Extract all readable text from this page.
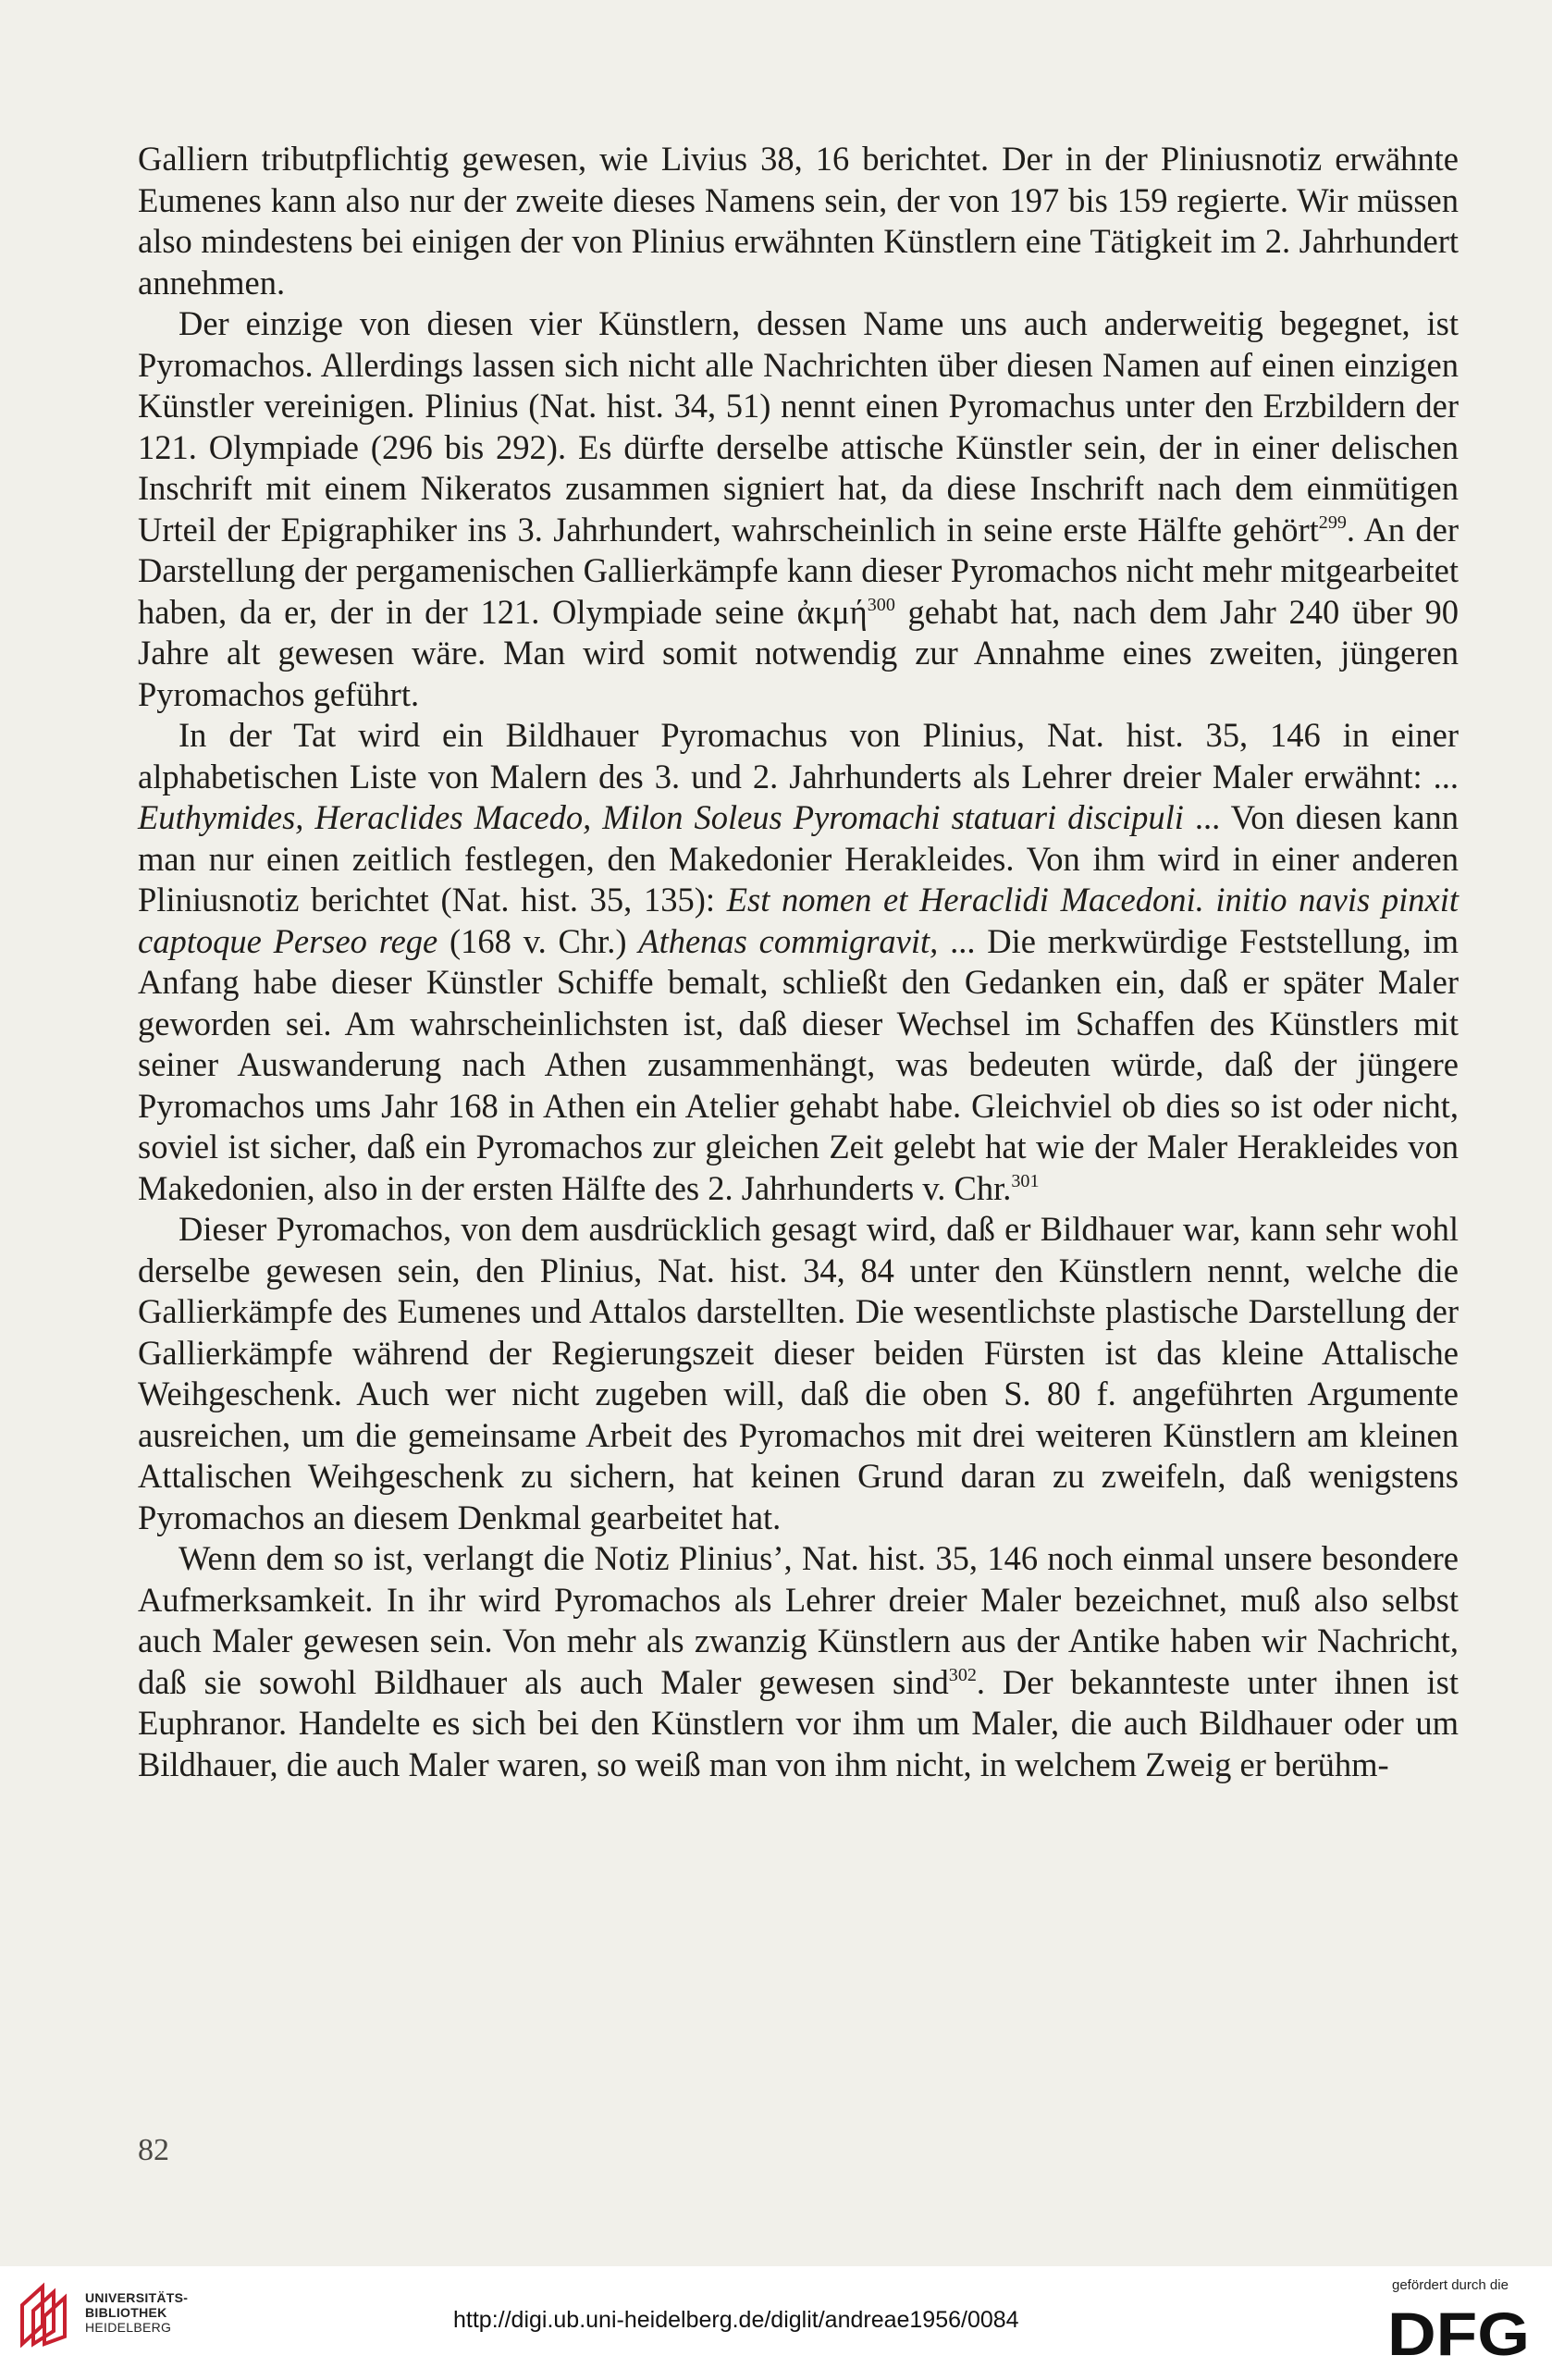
Galliern tributpflichtig gewesen, wie Livius 38, 16 berichtet. Der in der Pliniusnotiz erwähnte Eumenes kann also nur der zweite dieses Namens sein, der von 197 bis 159 regierte. Wir müssen also mindestens bei einigen der von Plinius erwähnten Künstlern eine Tätigkeit im 2. Jahrhundert annehmen.

Der einzige von diesen vier Künstlern, dessen Name uns auch anderweitig begegnet, ist Pyromachos. Allerdings lassen sich nicht alle Nachrichten über diesen Namen auf einen einzigen Künstler vereinigen. Plinius (Nat. hist. 34, 51) nennt einen Pyromachus unter den Erzbildern der 121. Olympiade (296 bis 292). Es dürfte derselbe attische Künstler sein, der in einer delischen Inschrift mit einem Nikeratos zusammen signiert hat, da diese Inschrift nach dem einmütigen Urteil der Epigraphiker ins 3. Jahrhundert, wahrscheinlich in seine erste Hälfte gehört$^{299}$. An der Darstellung der pergamenischen Gallierkämpfe kann dieser Pyromachos nicht mehr mitgearbeitet haben, da er, der in der 121. Olympiade seine ἀκμή$^{300}$ gehabt hat, nach dem Jahr 240 über 90 Jahre alt gewesen wäre. Man wird somit notwendig zur Annahme eines zweiten, jüngeren Pyromachos geführt.

In der Tat wird ein Bildhauer Pyromachus von Plinius, Nat. hist. 35, 146 in einer alphabetischen Liste von Malern des 3. und 2. Jahrhunderts als Lehrer dreier Maler erwähnt: ... Euthymides, Heraclides Macedo, Milon Soleus Pyromachi statuari discipuli ... Von diesen kann man nur einen zeitlich festlegen, den Makedonier Herakleides. Von ihm wird in einer anderen Pliniusnotiz berichtet (Nat. hist. 35, 135): Est nomen et Heraclidi Macedoni. initio navis pinxit captoque Perseo rege (168 v. Chr.) Athenas commigravit, ... Die merkwürdige Feststellung, im Anfang habe dieser Künstler Schiffe bemalt, schließt den Gedanken ein, daß er später Maler geworden sei. Am wahrscheinlichsten ist, daß dieser Wechsel im Schaffen des Künstlers mit seiner Auswanderung nach Athen zusammenhängt, was bedeuten würde, daß der jüngere Pyromachos ums Jahr 168 in Athen ein Atelier gehabt habe. Gleichviel ob dies so ist oder nicht, soviel ist sicher, daß ein Pyromachos zur gleichen Zeit gelebt hat wie der Maler Herakleides von Makedonien, also in der ersten Hälfte des 2. Jahrhunderts v. Chr.$^{301}$

Dieser Pyromachos, von dem ausdrücklich gesagt wird, daß er Bildhauer war, kann sehr wohl derselbe gewesen sein, den Plinius, Nat. hist. 34, 84 unter den Künstlern nennt, welche die Gallierkämpfe des Eumenes und Attalos darstellten. Die wesentlichste plastische Darstellung der Gallierkämpfe während der Regierungszeit dieser beiden Fürsten ist das kleine Attalische Weihgeschenk. Auch wer nicht zugeben will, daß die oben S. 80 f. angeführten Argumente ausreichen, um die gemeinsame Arbeit des Pyromachos mit drei weiteren Künstlern am kleinen Attalischen Weihgeschenk zu sichern, hat keinen Grund daran zu zweifeln, daß wenigstens Pyromachos an diesem Denkmal gearbeitet hat.

Wenn dem so ist, verlangt die Notiz Plinius’, Nat. hist. 35, 146 noch einmal unsere besondere Aufmerksamkeit. In ihr wird Pyromachos als Lehrer dreier Maler bezeichnet, muß also selbst auch Maler gewesen sein. Von mehr als zwanzig Künstlern aus der Antike haben wir Nachricht, daß sie sowohl Bildhauer als auch Maler gewesen sind$^{302}$. Der bekannteste unter ihnen ist Euphranor. Handelte es sich bei den Künstlern vor ihm um Maler, die auch Bildhauer oder um Bildhauer, die auch Maler waren, so weiß man von ihm nicht, in welchem Zweig er berühm-

82
UNIVERSITÄTS-
BIBLIOTHEK
HEIDELBERG	http://digi.ub.uni-heidelberg.de/diglit/andreae1956/0084
gefördert durch die
DFG
